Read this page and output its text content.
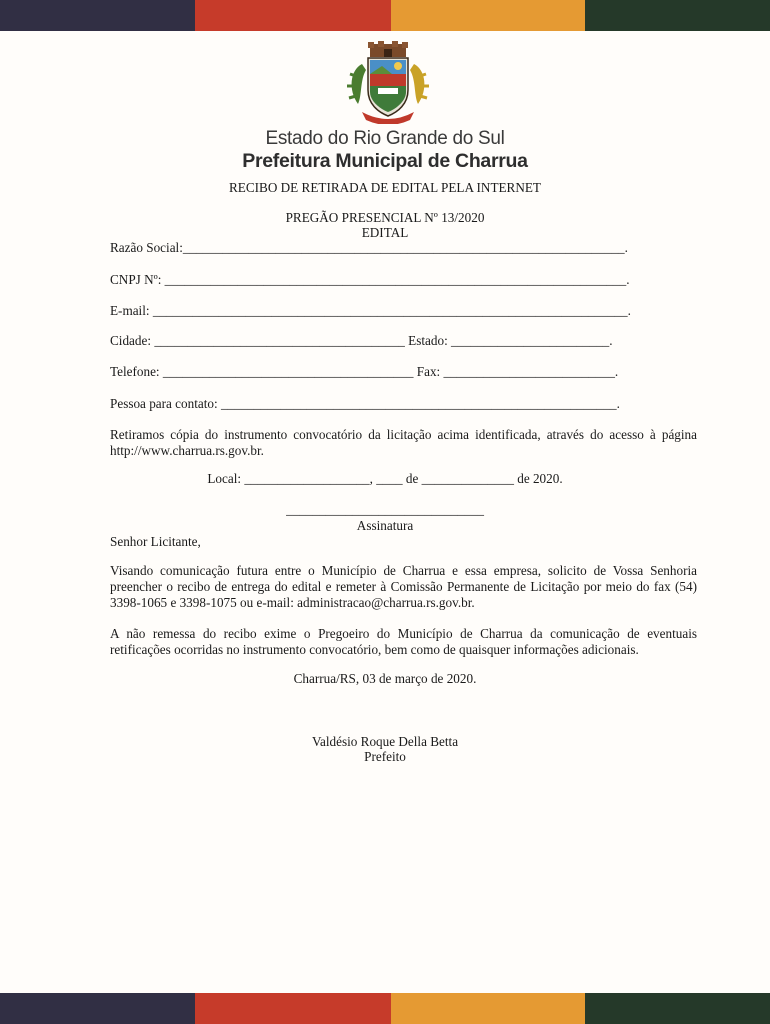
Estado do Rio Grande do Sul
Prefeitura Municipal de Charrua
RECIBO DE RETIRADA DE EDITAL PELA INTERNET
PREGÃO PRESENCIAL Nº 13/2020
EDITAL
Razão Social:___________________________________________________________________.
CNPJ Nº: ______________________________________________________________________.
E-mail: ________________________________________________________________________.
Cidade: ______________________________________ Estado: ________________________.
Telefone: ______________________________________ Fax: __________________________.
Pessoa para contato: ____________________________________________________________.
Retiramos cópia do instrumento convocatório da licitação acima identificada, através do acesso à página http://www.charrua.rs.gov.br.
Local: ___________________, ____ de ______________ de 2020.
______________________________
Assinatura
Senhor Licitante,
Visando comunicação futura entre o Município de Charrua e essa empresa, solicito de Vossa Senhoria preencher o recibo de entrega do edital e remeter à Comissão Permanente de Licitação por meio do fax (54) 3398-1065 e 3398-1075 ou e-mail: administracao@charrua.rs.gov.br.
A não remessa do recibo exime o Pregoeiro do Município de Charrua da comunicação de eventuais retificações ocorridas no instrumento convocatório, bem como de quaisquer informações adicionais.
Charrua/RS, 03 de março de 2020.
Valdésio Roque Della Betta
Prefeito
